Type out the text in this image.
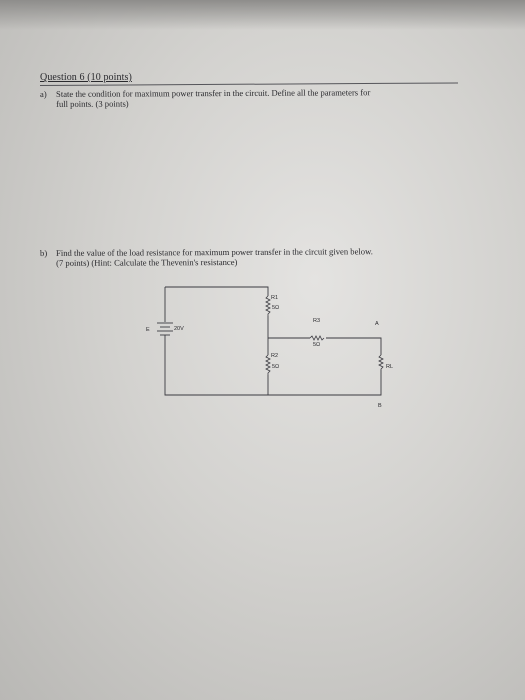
Question 6 (10 points)
a) State the condition for maximum power transfer in the circuit. Define all the parameters for
full points. (3 points)
b) Find the value of the load resistance for maximum power transfer in the circuit given below.
(7 points) (Hint: Calculate the Thevenin's resistance)
E	20V
R1
5Ω
R3
5Ω
R2
5Ω	RL
A
B
